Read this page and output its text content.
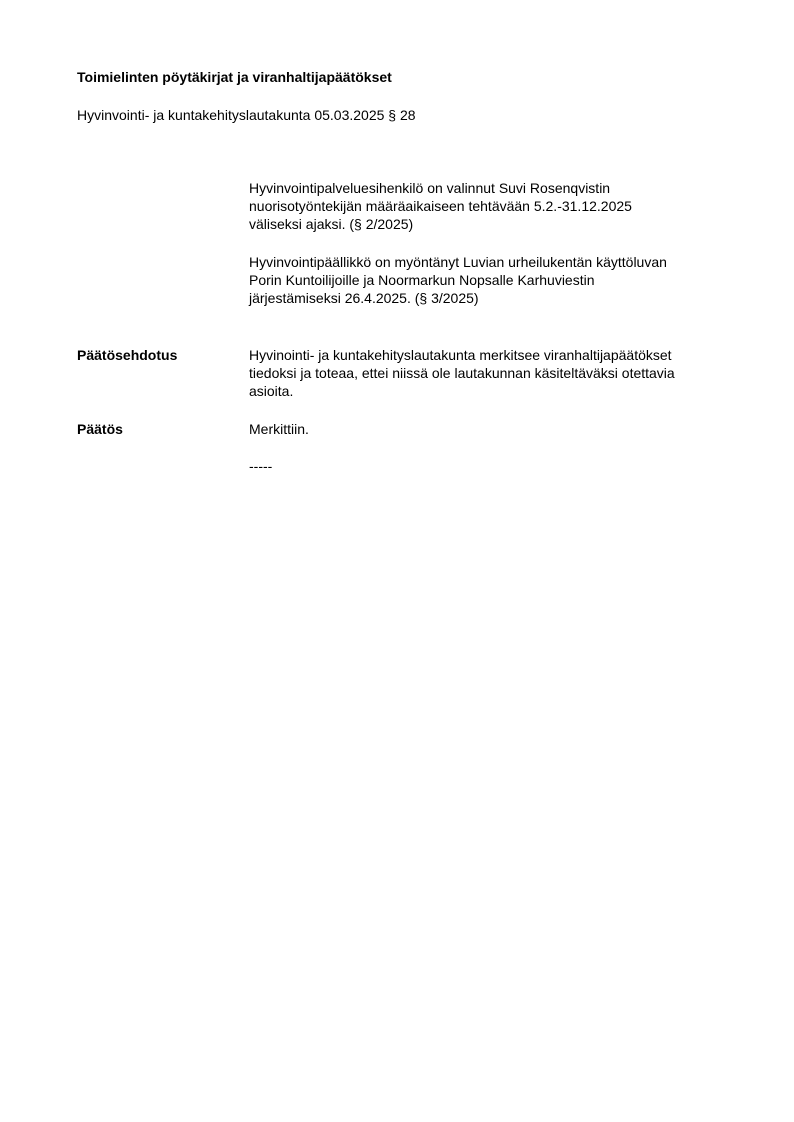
Toimielinten pöytäkirjat ja viranhaltijapäätökset
Hyvinvointi- ja kuntakehityslautakunta 05.03.2025 § 28
Hyvinvointipalveluesihenkilö on valinnut Suvi Rosenqvistin
nuorisotyöntekijän määräaikaiseen tehtävään 5.2.-31.12.2025
väliseksi ajaksi. (§ 2/2025)
Hyvinvointipäällikkö on myöntänyt Luvian urheilukentän käyttöluvan
Porin Kuntoilijoille ja Noormarkun Nopsalle Karhuviestin
järjestämiseksi 26.4.2025. (§ 3/2025)
Päätösehdotus	Hyvinointi- ja kuntakehityslautakunta merkitsee viranhaltijapäätökset
tiedoksi ja toteaa, ettei niissä ole lautakunnan käsiteltäväksi otettavia
asioita.
Päätös	Merkittiin.
-----
